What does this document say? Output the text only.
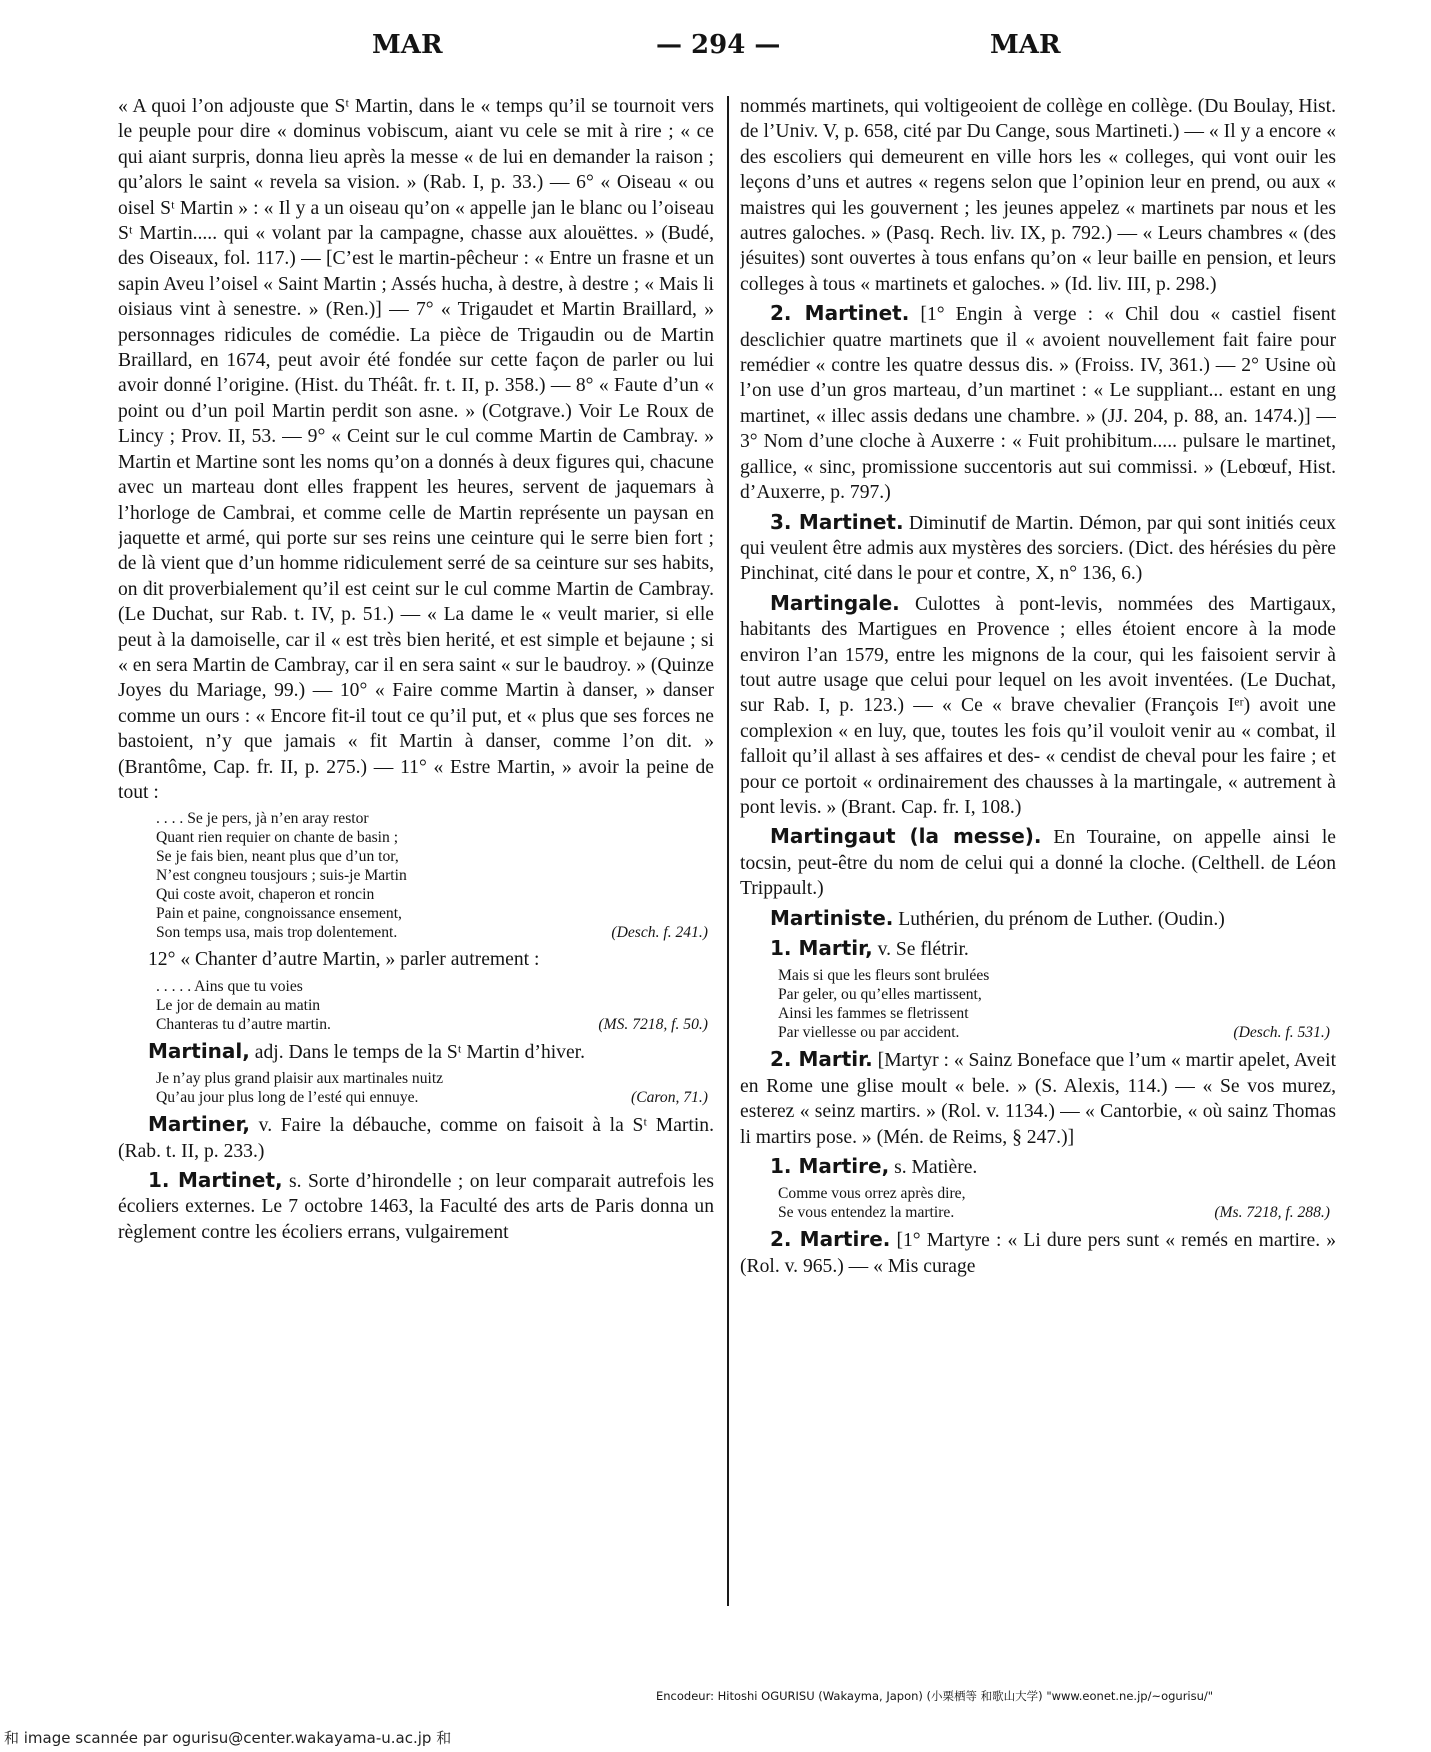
MAR	— 294 —	MAR

« A quoi l’on adjouste que Sᵗ Martin, dans le « temps qu’il se tournoit vers le peuple pour dire « dominus vobiscum, aiant vu cele se mit à rire ; « ce qui aiant surpris, donna lieu après la messe « de lui en demander la raison ; qu’alors le saint « revela sa vision. » (Rab. I, p. 33.) — 6° « Oiseau « ou oisel Sᵗ Martin » : « Il y a un oiseau qu’on « appelle jan le blanc ou l’oiseau Sᵗ Martin..... qui « volant par la campagne, chasse aux alouëttes. » (Budé, des Oiseaux, fol. 117.) — [C’est le martin-pêcheur : « Entre un frasne et un sapin Aveu l’oisel « Saint Martin ; Assés hucha, à destre, à destre ; « Mais li oisiaus vint à senestre. » (Ren.)] — 7° « Trigaudet et Martin Braillard, » personnages ridicules de comédie. La pièce de Trigaudin ou de Martin Braillard, en 1674, peut avoir été fondée sur cette façon de parler ou lui avoir donné l’origine. (Hist. du Théât. fr. t. II, p. 358.) — 8° « Faute d’un « point ou d’un poil Martin perdit son asne. » (Cotgrave.) Voir Le Roux de Lincy ; Prov. II, 53. — 9° « Ceint sur le cul comme Martin de Cambray. » Martin et Martine sont les noms qu’on a donnés à deux figures qui, chacune avec un marteau dont elles frappent les heures, servent de jaquemars à l’horloge de Cambrai, et comme celle de Martin représente un paysan en jaquette et armé, qui porte sur ses reins une ceinture qui le serre bien fort ; de là vient que d’un homme ridiculement serré de sa ceinture sur ses habits, on dit proverbialement qu’il est ceint sur le cul comme Martin de Cambray. (Le Duchat, sur Rab. t. IV, p. 51.) — « La dame le « veult marier, si elle peut à la damoiselle, car il « est très bien herité, et est simple et bejaune ; si « en sera Martin de Cambray, car il en sera saint « sur le baudroy. » (Quinze Joyes du Mariage, 99.) — 10° « Faire comme Martin à danser, » danser comme un ours : « Encore fit-il tout ce qu’il put, et « plus que ses forces ne bastoient, n’y que jamais « fit Martin à danser, comme l’on dit. » (Brantôme, Cap. fr. II, p. 275.) — 11° « Estre Martin, » avoir la peine de tout :

. . . . Se je pers, jà n’en aray restor
Quant rien requier on chante de basin ;
Se je fais bien, neant plus que d’un tor,
N’est congneu tousjours ; suis-je Martin
Qui coste avoit, chaperon et roncin
Pain et paine, congnoissance ensement,
Son temps usa, mais trop dolentement.	(Desch. f. 241.)

12° « Chanter d’autre Martin, » parler autrement :

. . . . . Ains que tu voies
Le jor de demain au matin
Chanteras tu d’autre martin.	(MS. 7218, f. 50.)

Martinal, adj. Dans le temps de la Sᵗ Martin d’hiver.

Je n’ay plus grand plaisir aux martinales nuitz
Qu’au jour plus long de l’esté qui ennuye.	(Caron, 71.)

Martiner, v. Faire la débauche, comme on faisoit à la Sᵗ Martin. (Rab. t. II, p. 233.)

1. Martinet, s. Sorte d’hirondelle ; on leur comparait autrefois les écoliers externes. Le 7 octobre 1463, la Faculté des arts de Paris donna un règlement contre les écoliers errans, vulgairement

nommés martinets, qui voltigeoient de collège en collège. (Du Boulay, Hist. de l’Univ. V, p. 658, cité par Du Cange, sous Martineti.) — « Il y a encore « des escoliers qui demeurent en ville hors les « colleges, qui vont ouir les leçons d’uns et autres « regens selon que l’opinion leur en prend, ou aux « maistres qui les gouvernent ; les jeunes appelez « martinets par nous et les autres galoches. » (Pasq. Rech. liv. IX, p. 792.) — « Leurs chambres « (des jésuites) sont ouvertes à tous enfans qu’on « leur baille en pension, et leurs colleges à tous « martinets et galoches. » (Id. liv. III, p. 298.)

2. Martinet. [1° Engin à verge : « Chil dou « castiel fisent desclichier quatre martinets que il « avoient nouvellement fait faire pour remédier « contre les quatre dessus dis. » (Froiss. IV, 361.) — 2° Usine où l’on use d’un gros marteau, d’un martinet : « Le suppliant... estant en ung martinet, « illec assis dedans une chambre. » (JJ. 204, p. 88, an. 1474.)] — 3° Nom d’une cloche à Auxerre : « Fuit prohibitum..... pulsare le martinet, gallice, « sinc, promissione succentoris aut sui commissi. » (Lebœuf, Hist. d’Auxerre, p. 797.)

3. Martinet. Diminutif de Martin. Démon, par qui sont initiés ceux qui veulent être admis aux mystères des sorciers. (Dict. des hérésies du père Pinchinat, cité dans le pour et contre, X, n° 136, 6.)

Martingale. Culottes à pont-levis, nommées des Martigaux, habitants des Martigues en Provence ; elles étoient encore à la mode environ l’an 1579, entre les mignons de la cour, qui les faisoient servir à tout autre usage que celui pour lequel on les avoit inventées. (Le Duchat, sur Rab. I, p. 123.) — « Ce « brave chevalier (François Iᵉʳ) avoit une complexion « en luy, que, toutes les fois qu’il vouloit venir au « combat, il falloit qu’il allast à ses affaires et des- « cendist de cheval pour les faire ; et pour ce portoit « ordinairement des chausses à la martingale, « autrement à pont levis. » (Brant. Cap. fr. I, 108.)

Martingaut (la messe). En Touraine, on appelle ainsi le tocsin, peut-être du nom de celui qui a donné la cloche. (Celthell. de Léon Trippault.)

Martiniste. Luthérien, du prénom de Luther. (Oudin.)

1. Martir, v. Se flétrir.

Mais si que les fleurs sont brulées
Par geler, ou qu’elles martissent,
Ainsi les fammes se fletrissent
Par viellesse ou par accident.	(Desch. f. 531.)

2. Martir. [Martyr : « Sainz Boneface que l’um « martir apelet, Aveit en Rome une glise moult « bele. » (S. Alexis, 114.) — « Se vos murez, esterez « seinz martirs. » (Rol. v. 1134.) — « Cantorbie, « où sainz Thomas li martirs pose. » (Mén. de Reims, § 247.)]

1. Martire, s. Matière.

Comme vous orrez après dire,
Se vous entendez la martire.	(Ms. 7218, f. 288.)

2. Martire. [1° Martyre : « Li dure pers sunt « remés en martire. » (Rol. v. 965.) — « Mis curage

Encodeur: Hitoshi OGURISU (Wakayma, Japon) (小栗栖等 和歌山大学) "www.eonet.ne.jp/~ogurisu/"
和 image scannée par ogurisu@center.wakayama-u.ac.jp 和
